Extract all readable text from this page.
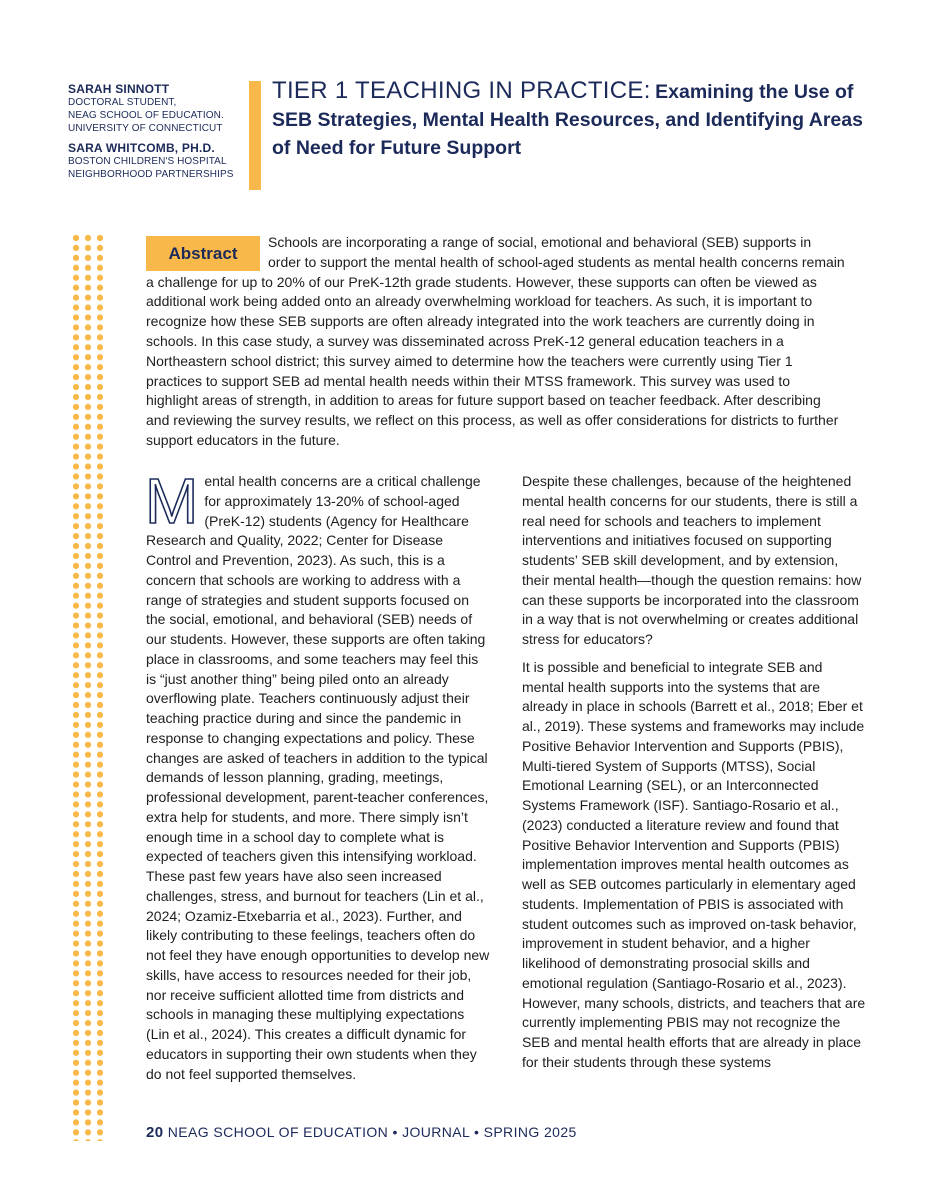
SARAH SINNOTT
DOCTORAL STUDENT,
NEAG SCHOOL OF EDUCATION.
UNIVERSITY OF CONNECTICUT
SARA WHITCOMB, PH.D.
BOSTON CHILDREN'S HOSPITAL
NEIGHBORHOOD PARTNERSHIPS
TIER 1 TEACHING IN PRACTICE: Examining the Use of SEB Strategies, Mental Health Resources, and Identifying Areas of Need for Future Support
Abstract

Schools are incorporating a range of social, emotional and behavioral (SEB) supports in order to support the mental health of school-aged students as mental health concerns remain a challenge for up to 20% of our PreK-12th grade students. However, these supports can often be viewed as additional work being added onto an already overwhelming workload for teachers. As such, it is important to recognize how these SEB supports are often already integrated into the work teachers are currently doing in schools. In this case study, a survey was disseminated across PreK-12 general education teachers in a Northeastern school district; this survey aimed to determine how the teachers were currently using Tier 1 practices to support SEB ad mental health needs within their MTSS framework. This survey was used to highlight areas of strength, in addition to areas for future support based on teacher feedback. After describing and reviewing the survey results, we reflect on this process, as well as offer considerations for districts to further support educators in the future.

M ental health concerns are a critical challenge for approximately 13-20% of school-aged (PreK-12) students (Agency for Healthcare Research and Quality, 2022; Center for Disease Control and Prevention, 2023). As such, this is a concern that schools are working to address with a range of strategies and student supports focused on the social, emotional, and behavioral (SEB) needs of our students. However, these supports are often taking place in classrooms, and some teachers may feel this is “just another thing” being piled onto an already overflowing plate. Teachers continuously adjust their teaching practice during and since the pandemic in response to changing expectations and policy. These changes are asked of teachers in addition to the typical demands of lesson planning, grading, meetings, professional development, parent-teacher conferences, extra help for students, and more. There simply isn’t enough time in a school day to complete what is expected of teachers given this intensifying workload. These past few years have also seen increased challenges, stress, and burnout for teachers (Lin et al., 2024; Ozamiz-Etxebarria et al., 2023). Further, and likely contributing to these feelings, teachers often do not feel they have enough opportunities to develop new skills, have access to resources needed for their job, nor receive sufficient allotted time from districts and schools in managing these multiplying expectations (Lin et al., 2024). This creates a difficult dynamic for educators in supporting their own students when they do not feel supported themselves.

Despite these challenges, because of the heightened mental health concerns for our students, there is still a real need for schools and teachers to implement interventions and initiatives focused on supporting students’ SEB skill development, and by extension, their mental health—though the question remains: how can these supports be incorporated into the classroom in a way that is not overwhelming or creates additional stress for educators?

It is possible and beneficial to integrate SEB and mental health supports into the systems that are already in place in schools (Barrett et al., 2018; Eber et al., 2019). These systems and frameworks may include Positive Behavior Intervention and Supports (PBIS), Multi-tiered System of Supports (MTSS), Social Emotional Learning (SEL), or an Interconnected Systems Framework (ISF). Santiago-Rosario et al., (2023) conducted a literature review and found that Positive Behavior Intervention and Supports (PBIS) implementation improves mental health outcomes as well as SEB outcomes particularly in elementary aged students. Implementation of PBIS is associated with student outcomes such as improved on-task behavior, improvement in student behavior, and a higher likelihood of demonstrating prosocial skills and emotional regulation (Santiago-Rosario et al., 2023). However, many schools, districts, and teachers that are currently implementing PBIS may not recognize the SEB and mental health efforts that are already in place for their students through these systems

20 NEAG SCHOOL OF EDUCATION • JOURNAL • SPRING 2025
